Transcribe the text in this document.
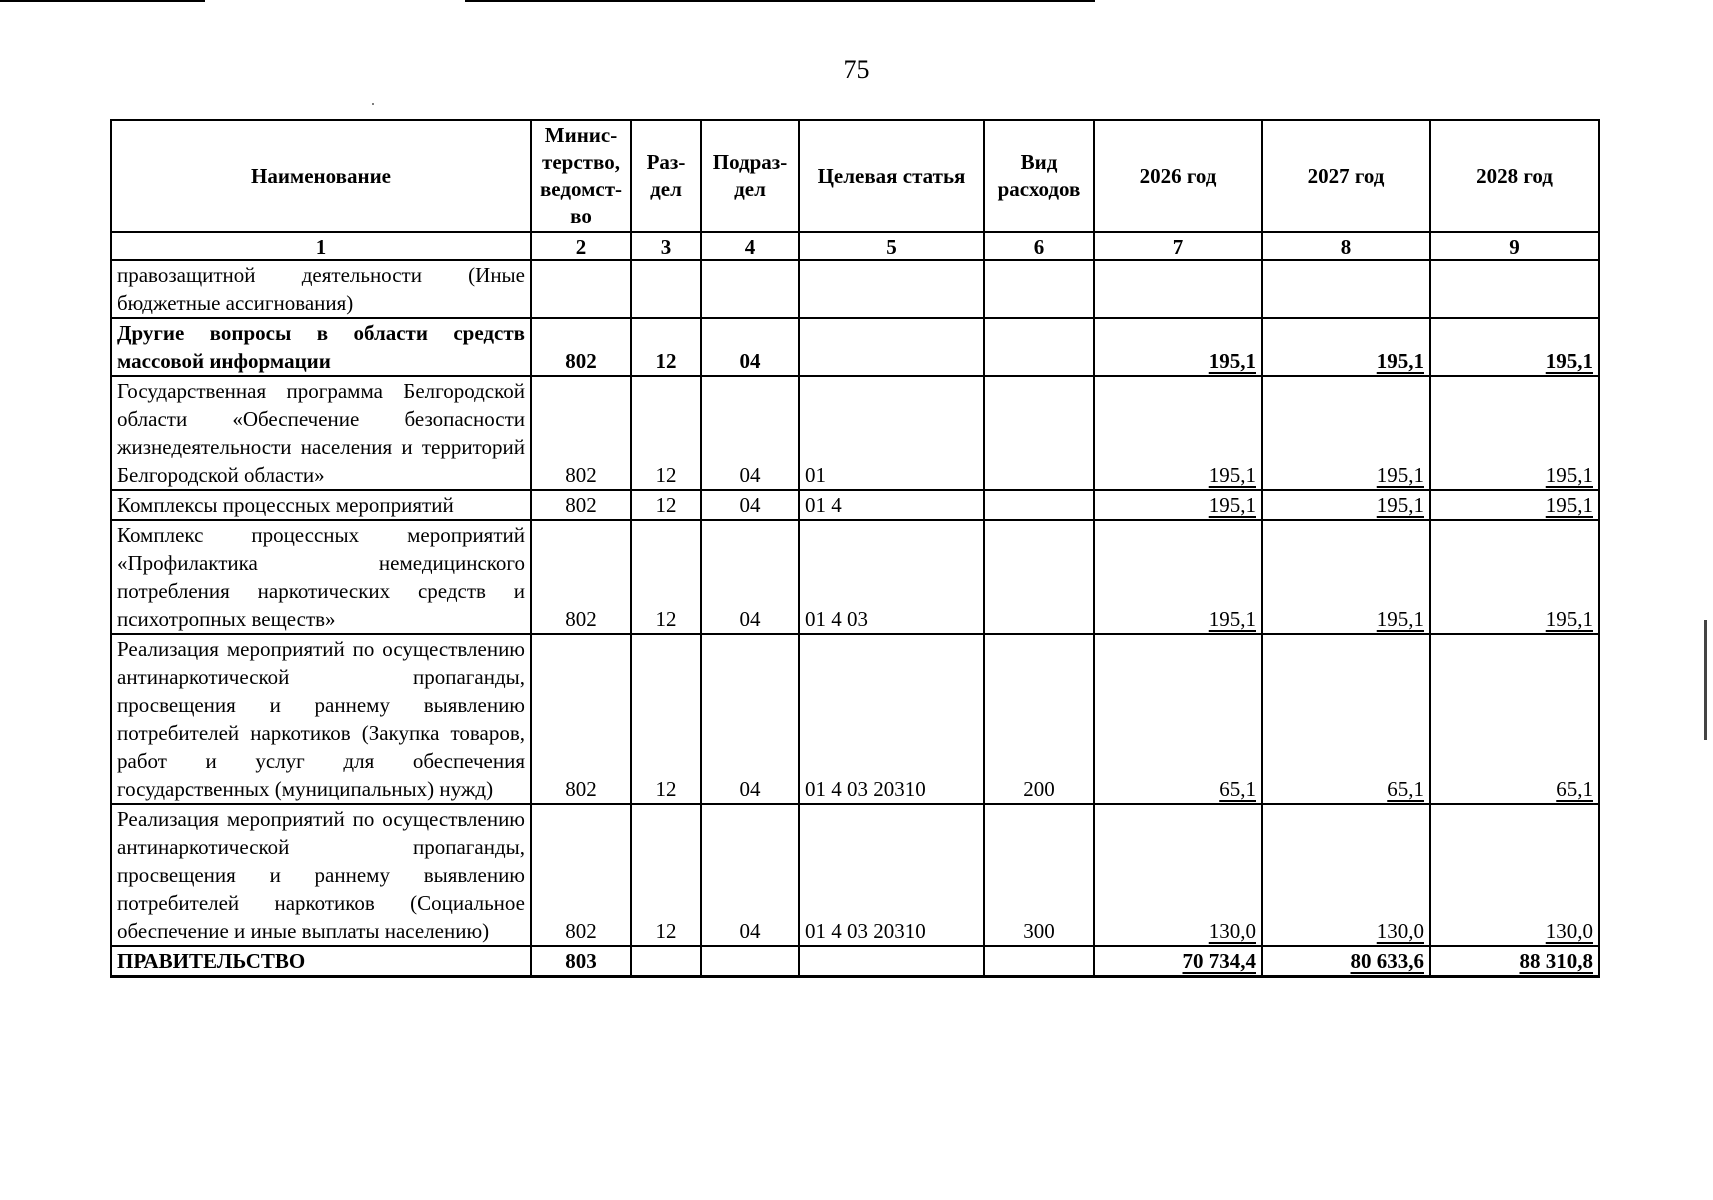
75
Наименование	Минис-терство, ведомст-во	Раз-дел	Подраз-дел	Целевая статья	Вид расходов	2026 год	2027 год	2028 год
1	2	3	4	5	6	7	8	9
правозащитной деятельности (Иные бюджетные ассигнования)								
Другие вопросы в области средств массовой информации	802	12	04			195,1	195,1	195,1
Государственная программа Белгородской области «Обеспечение безопасности жизнедеятельности населения и территорий Белгородской области»	802	12	04	01		195,1	195,1	195,1
Комплексы процессных мероприятий	802	12	04	01 4		195,1	195,1	195,1
Комплекс процессных мероприятий «Профилактика немедицинского потребления наркотических средств и психотропных веществ»	802	12	04	01 4 03		195,1	195,1	195,1
Реализация мероприятий по осуществлению антинаркотической пропаганды, просвещения и раннему выявлению потребителей наркотиков (Закупка товаров, работ и услуг для обеспечения государственных (муниципальных) нужд)	802	12	04	01 4 03 20310	200	65,1	65,1	65,1
Реализация мероприятий по осуществлению антинаркотической пропаганды, просвещения и раннему выявлению потребителей наркотиков (Социальное обеспечение и иные выплаты населению)	802	12	04	01 4 03 20310	300	130,0	130,0	130,0
ПРАВИТЕЛЬСТВО	803					70 734,4	80 633,6	88 310,8
